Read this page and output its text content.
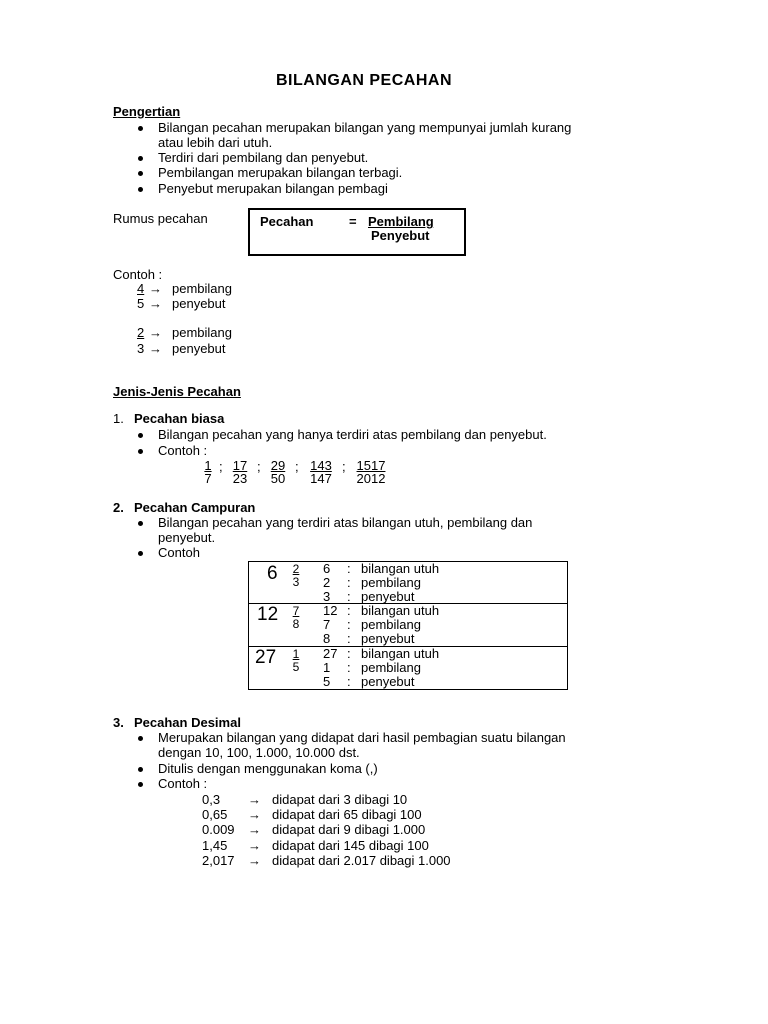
BILANGAN PECAHAN
Pengertian
Bilangan pecahan merupakan bilangan yang mempunyai jumlah kurang
atau lebih dari utuh.
Terdiri dari pembilang dan penyebut.
Pembilangan merupakan bilangan terbagi.
Penyebut merupakan bilangan pembagi
Rumus pecahan	Pecahan	= Pembilang
Penyebut
Contoh :
4 → pembilang
5 → penyebut
2 → pembilang
3 → penyebut
Jenis-Jenis Pecahan
1. Pecahan biasa
Bilangan pecahan yang hanya terdiri atas pembilang dan penyebut.
Contoh :
$\frac{1}{7}$ ; $\frac{17}{23}$ ; $\frac{29}{50}$ ; $\frac{143}{147}$ ; $\frac{1517}{2012}$
2. Pecahan Campuran
Bilangan pecahan yang terdiri atas bilangan utuh, pembilang dan
penyebut.
Contoh
$6 \frac{2}{3} 6$ : bilangan utuh
2 : pembilang
3 : penyebut
$12 \frac{7}{8} 12$ : bilangan utuh
7 : pembilang
8 : penyebut
$27 \frac{1}{5} 27$ : bilangan utuh
1 : pembilang
5 : penyebut
3. Pecahan Desimal
Merupakan bilangan yang didapat dari hasil pembagian suatu bilangan
dengan 10, 100, 1.000, 10.000 dst.
Ditulis dengan menggunakan koma (,)
Contoh :
0,3 → didapat dari 3 dibagi 10
0,65 → didapat dari 65 dibagi 100
0.009 → didapat dari 9 dibagi 1.000
1,45 → didapat dari 145 dibagi 100
2,017 → didapat dari 2.017 dibagi 1.000
